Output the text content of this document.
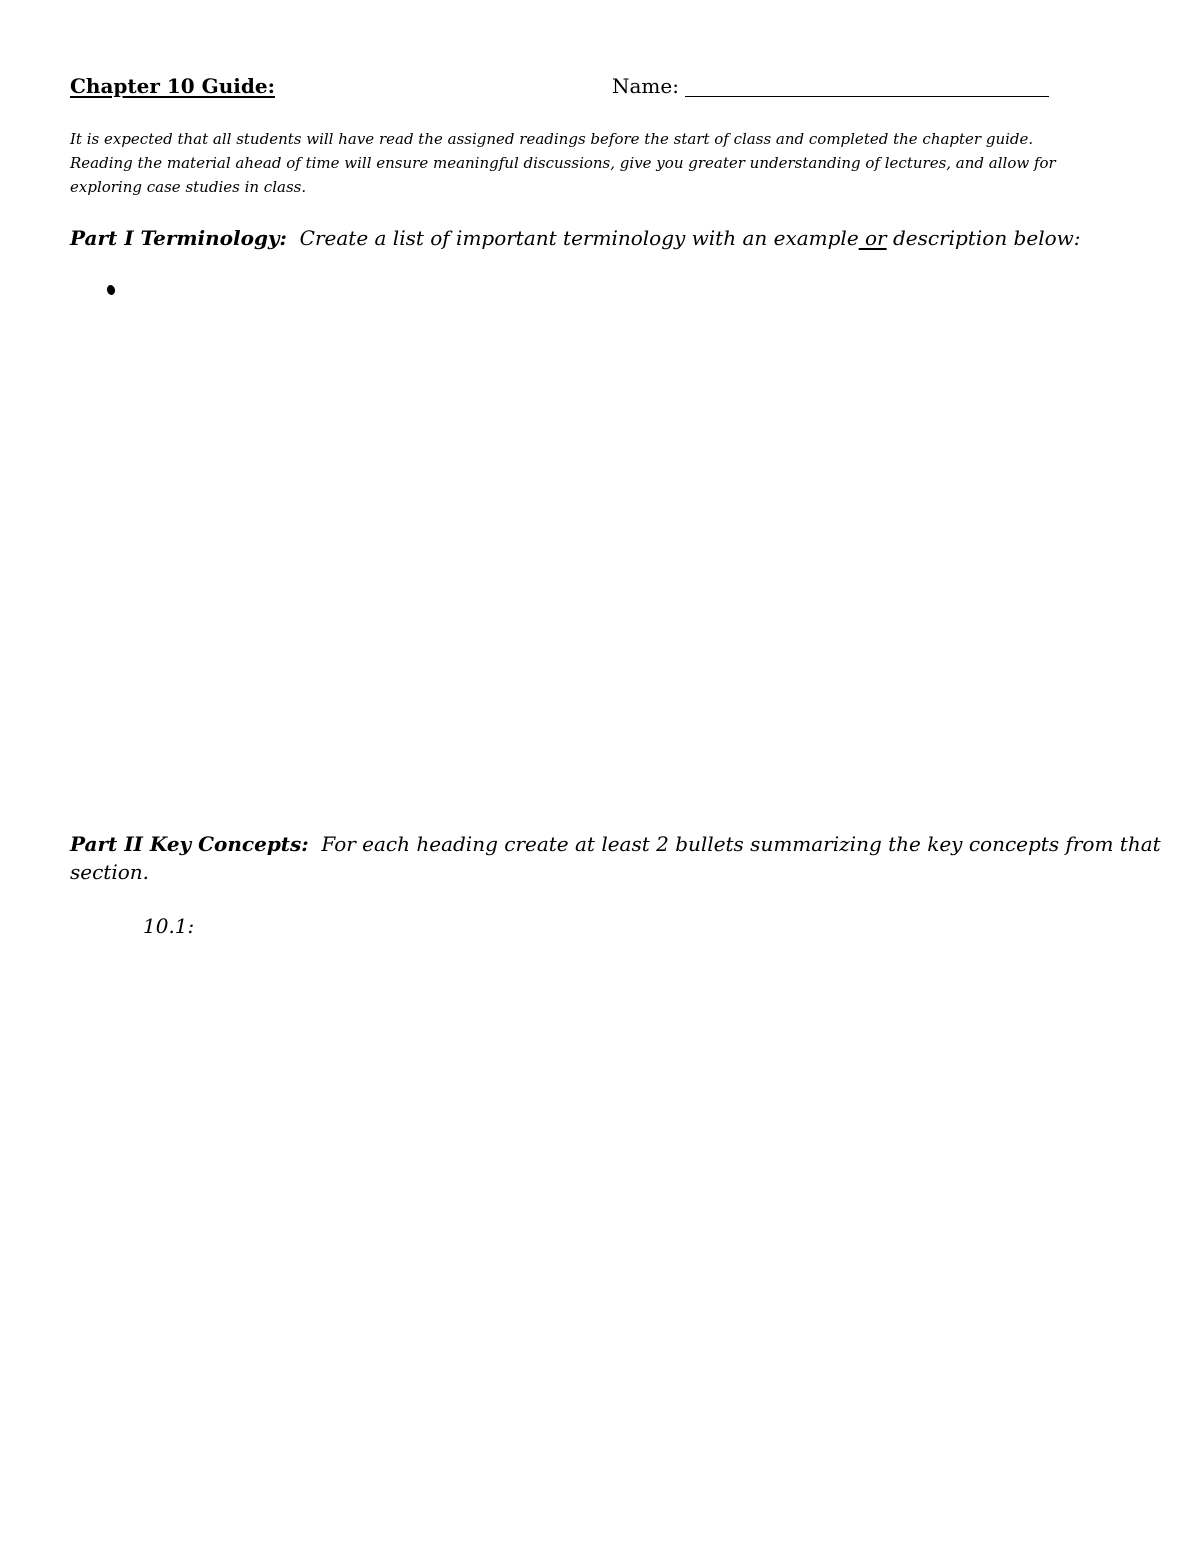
Chapter 10 Guide:	Name:
It is expected that all students will have read the assigned readings before the start of class and completed the chapter guide.
Reading the material ahead of time will ensure meaningful discussions, give you greater understanding of lectures, and allow for
exploring case studies in class.
Part I Terminology: Create a list of important terminology with an example or description below:
Part II Key Concepts: For each heading create at least 2 bullets summarizing the key concepts from that
section.
10.1:
